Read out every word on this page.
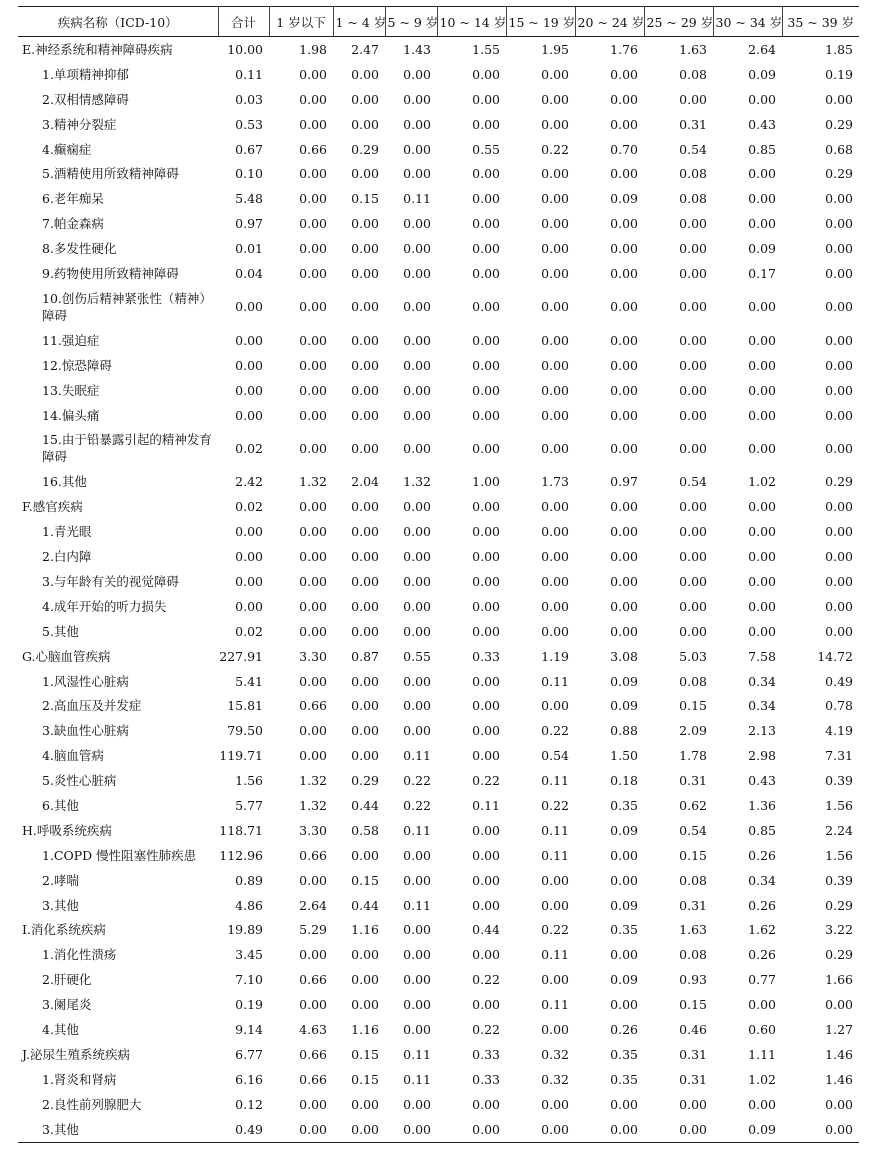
疾病名称（ICD-10）	合计	1 岁以下	1 ~ 4 岁	5 ~ 9 岁	10 ~ 14 岁	15 ~ 19 岁	20 ~ 24 岁	25 ~ 29 岁	30 ~ 34 岁	35 ~ 39 岁
E.神经系统和精神障碍疾病	10.00	1.98	2.47	1.43	1.55	1.95	1.76	1.63	2.64	1.85
1.单项精神抑郁	0.11	0.00	0.00	0.00	0.00	0.00	0.00	0.08	0.09	0.19
2.双相情感障碍	0.03	0.00	0.00	0.00	0.00	0.00	0.00	0.00	0.00	0.00
3.精神分裂症	0.53	0.00	0.00	0.00	0.00	0.00	0.00	0.31	0.43	0.29
4.癫痫症	0.67	0.66	0.29	0.00	0.55	0.22	0.70	0.54	0.85	0.68
5.酒精使用所致精神障碍	0.10	0.00	0.00	0.00	0.00	0.00	0.00	0.08	0.00	0.29
6.老年痴呆	5.48	0.00	0.15	0.11	0.00	0.00	0.09	0.08	0.00	0.00
7.帕金森病	0.97	0.00	0.00	0.00	0.00	0.00	0.00	0.00	0.00	0.00
8.多发性硬化	0.01	0.00	0.00	0.00	0.00	0.00	0.00	0.00	0.09	0.00
9.药物使用所致精神障碍	0.04	0.00	0.00	0.00	0.00	0.00	0.00	0.00	0.17	0.00
10.创伤后精神紧张性（精神）障碍	0.00	0.00	0.00	0.00	0.00	0.00	0.00	0.00	0.00	0.00
11.强迫症	0.00	0.00	0.00	0.00	0.00	0.00	0.00	0.00	0.00	0.00
12.惊恐障碍	0.00	0.00	0.00	0.00	0.00	0.00	0.00	0.00	0.00	0.00
13.失眠症	0.00	0.00	0.00	0.00	0.00	0.00	0.00	0.00	0.00	0.00
14.偏头痛	0.00	0.00	0.00	0.00	0.00	0.00	0.00	0.00	0.00	0.00
15.由于铅暴露引起的精神发育障碍	0.02	0.00	0.00	0.00	0.00	0.00	0.00	0.00	0.00	0.00
16.其他	2.42	1.32	2.04	1.32	1.00	1.73	0.97	0.54	1.02	0.29
F.感官疾病	0.02	0.00	0.00	0.00	0.00	0.00	0.00	0.00	0.00	0.00
1.青光眼	0.00	0.00	0.00	0.00	0.00	0.00	0.00	0.00	0.00	0.00
2.白内障	0.00	0.00	0.00	0.00	0.00	0.00	0.00	0.00	0.00	0.00
3.与年龄有关的视觉障碍	0.00	0.00	0.00	0.00	0.00	0.00	0.00	0.00	0.00	0.00
4.成年开始的听力损失	0.00	0.00	0.00	0.00	0.00	0.00	0.00	0.00	0.00	0.00
5.其他	0.02	0.00	0.00	0.00	0.00	0.00	0.00	0.00	0.00	0.00
G.心脑血管疾病	227.91	3.30	0.87	0.55	0.33	1.19	3.08	5.03	7.58	14.72
1.风湿性心脏病	5.41	0.00	0.00	0.00	0.00	0.11	0.09	0.08	0.34	0.49
2.高血压及并发症	15.81	0.66	0.00	0.00	0.00	0.00	0.09	0.15	0.34	0.78
3.缺血性心脏病	79.50	0.00	0.00	0.00	0.00	0.22	0.88	2.09	2.13	4.19
4.脑血管病	119.71	0.00	0.00	0.11	0.00	0.54	1.50	1.78	2.98	7.31
5.炎性心脏病	1.56	1.32	0.29	0.22	0.22	0.11	0.18	0.31	0.43	0.39
6.其他	5.77	1.32	0.44	0.22	0.11	0.22	0.35	0.62	1.36	1.56
H.呼吸系统疾病	118.71	3.30	0.58	0.11	0.00	0.11	0.09	0.54	0.85	2.24
1.COPD 慢性阻塞性肺疾患	112.96	0.66	0.00	0.00	0.00	0.11	0.00	0.15	0.26	1.56
2.哮喘	0.89	0.00	0.15	0.00	0.00	0.00	0.00	0.08	0.34	0.39
3.其他	4.86	2.64	0.44	0.11	0.00	0.00	0.09	0.31	0.26	0.29
I.消化系统疾病	19.89	5.29	1.16	0.00	0.44	0.22	0.35	1.63	1.62	3.22
1.消化性溃疡	3.45	0.00	0.00	0.00	0.00	0.11	0.00	0.08	0.26	0.29
2.肝硬化	7.10	0.66	0.00	0.00	0.22	0.00	0.09	0.93	0.77	1.66
3.阑尾炎	0.19	0.00	0.00	0.00	0.00	0.11	0.00	0.15	0.00	0.00
4.其他	9.14	4.63	1.16	0.00	0.22	0.00	0.26	0.46	0.60	1.27
J.泌尿生殖系统疾病	6.77	0.66	0.15	0.11	0.33	0.32	0.35	0.31	1.11	1.46
1.肾炎和肾病	6.16	0.66	0.15	0.11	0.33	0.32	0.35	0.31	1.02	1.46
2.良性前列腺肥大	0.12	0.00	0.00	0.00	0.00	0.00	0.00	0.00	0.00	0.00
3.其他	0.49	0.00	0.00	0.00	0.00	0.00	0.00	0.00	0.09	0.00
